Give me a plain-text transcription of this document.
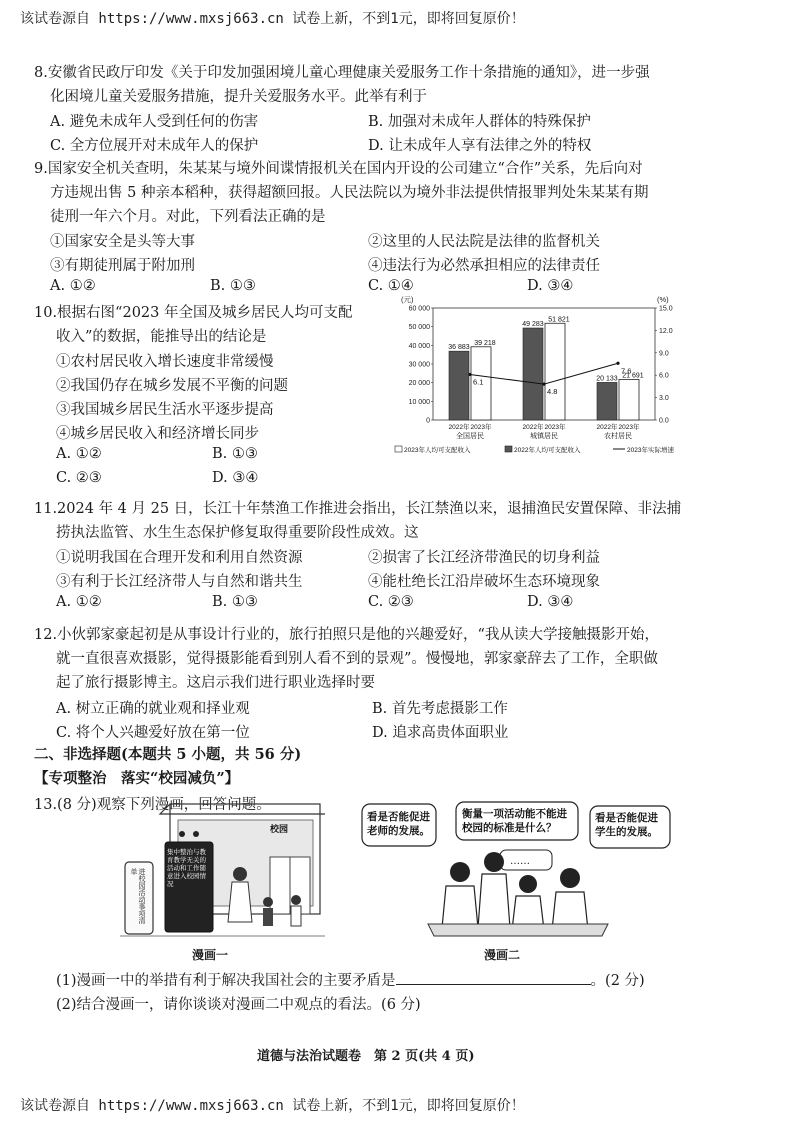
该试卷源自 https://www.mxsj663.cn 试卷上新，不到1元，即将回复原价！
8.安徽省民政厅印发《关于印发加强困境儿童心理健康关爱服务工作十条措施的通知》，进一步强
化困境儿童关爱服务措施，提升关爱服务水平。此举有利于
A. 避免未成年人受到任何的伤害	B. 加强对未成年人群体的特殊保护
C. 全方位展开对未成年人的保护	D. 让未成年人享有法律之外的特权
9.国家安全机关查明，朱某某与境外间谍情报机关在国内开设的公司建立“合作”关系，先后向对
方违规出售 5 种亲本稻种，获得超额回报。人民法院以为境外非法提供情报罪判处朱某某有期
徒刑一年六个月。对此，下列看法正确的是
①国家安全是头等大事	②这里的人民法院是法律的监督机关
③有期徒刑属于附加刑	④违法行为必然承担相应的法律责任
A. ①②	B. ①③	C. ①④	D. ③④
10.根据右图“2023 年全国及城乡居民人均可支配
收入”的数据，能推导出的结论是
①农村居民收入增长速度非常缓慢
②我国仍存在城乡发展不平衡的问题
③我国城乡居民生活水平逐步提高
④城乡居民收入和经济增长同步
A. ①②	B. ①③
C. ②③	D. ③④
(元)	(%)
0
10 000
20 000
30 000
40 000
50 000
60 000
0.0
3.0
6.0
9.0
12.0
15.0
36 883
39 218
2022年 2023年
全国居民
49 283
51 821
2022年 2023年
城镇居民
20 133 21 691
2022年 2023年
农村居民
6.1
4.8
7.6
2023年人均可支配收入	2022年人均可支配收入	2023年实际增速
11.2024 年 4 月 25 日，长江十年禁渔工作推进会指出，长江禁渔以来，退捕渔民安置保障、非法捕
捞执法监管、水生生态保护修复取得重要阶段性成效。这
①说明我国在合理开发和利用自然资源	②损害了长江经济带渔民的切身利益
③有利于长江经济带人与自然和谐共生	④能杜绝长江沿岸破坏生态环境现象
A. ①②	B. ①③	C. ②③	D. ③④
12.小伙郭家豪起初是从事设计行业的，旅行拍照只是他的兴趣爱好，“我从读大学接触摄影开始，
就一直很喜欢摄影，觉得摄影能看到别人看不到的景观”。慢慢地，郭家豪辞去了工作，全职做
起了旅行摄影博主。这启示我们进行职业选择时要
A. 树立正确的就业观和择业观	B. 首先考虑摄影工作
C. 将个人兴趣爱好放在第一位	D. 追求高贵体面职业
二、非选择题(本题共 5 小题，共 56 分)
【专项整治　落实“校园减负”】
13.(8 分)观察下列漫画，回答问题。
校园
集中整治与教育教学无关的活动和工作随意进入校园情况
进校园活动事项清单
漫画一
看是否能促进老师的发展。
衡量一项活动能不能进校园的标准是什么？
……
看是否能促进学生的发展。
漫画二
(1)漫画一中的举措有利于解决我国社会的主要矛盾是	。(2 分)
(2)结合漫画一，请你谈谈对漫画二中观点的看法。(6 分)
道德与法治试题卷　第 2 页(共 4 页)
该试卷源自 https://www.mxsj663.cn 试卷上新，不到1元，即将回复原价！
